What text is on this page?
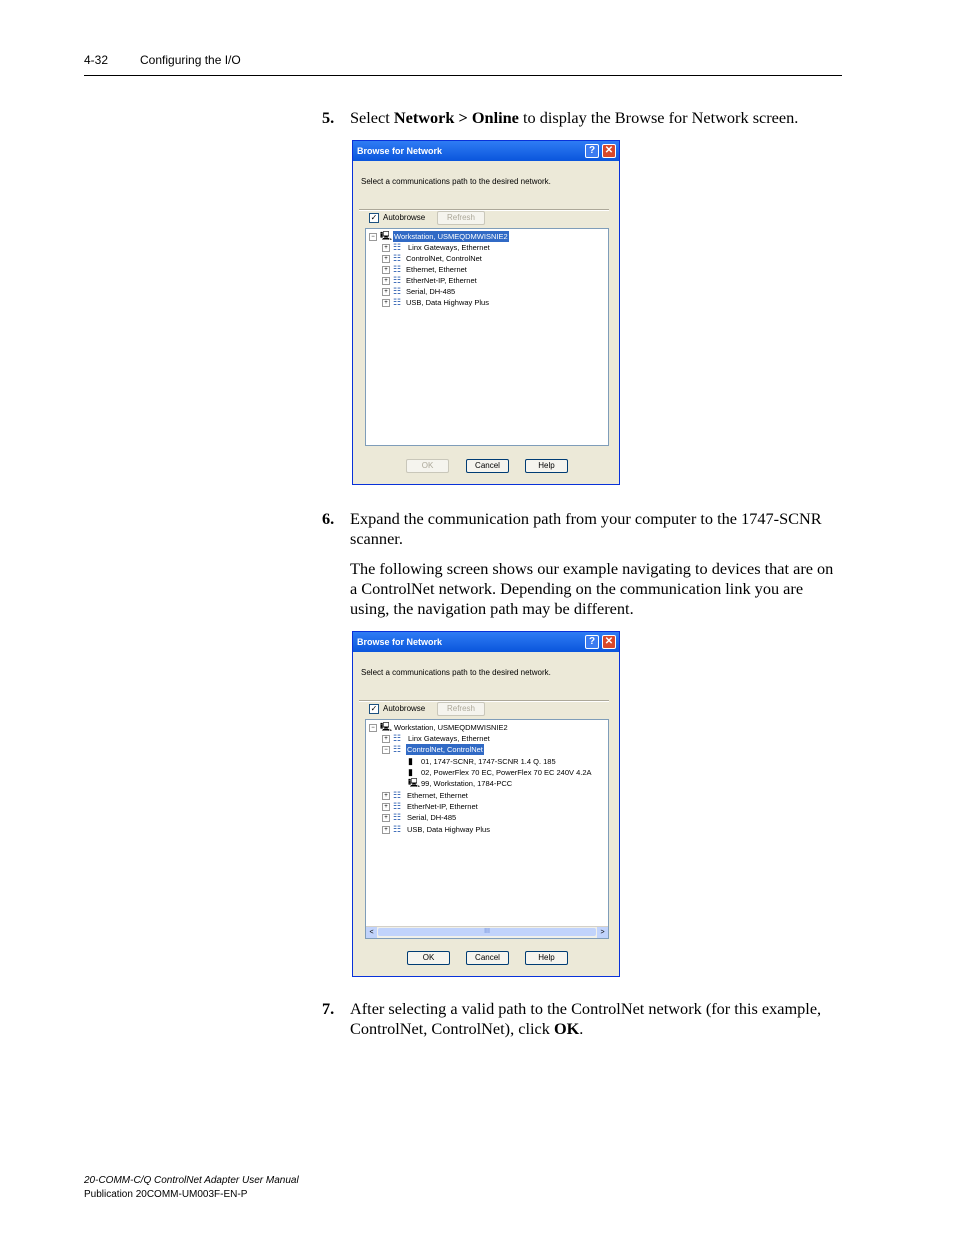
4-32	Configuring the I/O
5. Select Network > Online to display the Browse for Network screen.
Browse for Network	? ✕
Select a communications path to the desired network.
✓ Autobrowse	Refresh
− 🖳 Workstation, USMEQDMWISNIE2
+ ☷ Linx Gateways, Ethernet
+ ☷ ControlNet, ControlNet
+ ☷ Ethernet, Ethernet
+ ☷ EtherNet-IP, Ethernet
+ ☷ Serial, DH-485
+ ☷ USB, Data Highway Plus
OK	Cancel	Help
6. Expand the communication path from your computer to the 1747-SCNR scanner.
The following screen shows our example navigating to devices that are on a ControlNet network. Depending on the communication link you are using, the navigation path may be different.
Browse for Network	? ✕
Select a communications path to the desired network.
✓ Autobrowse	Refresh
− 🖳 Workstation, USMEQDMWISNIE2
+ ☷ Linx Gateways, Ethernet
− ☷ ControlNet, ControlNet
▮ 01, 1747-SCNR, 1747-SCNR 1.4 Q. 185
▮ 02, PowerFlex 70 EC, PowerFlex 70 EC 240V 4.2A
🖳 99, Workstation, 1784-PCC
+ ☷ Ethernet, Ethernet
+ ☷ EtherNet-IP, Ethernet
+ ☷ Serial, DH-485
+ ☷ USB, Data Highway Plus
<	III	>
OK	Cancel	Help
7. After selecting a valid path to the ControlNet network (for this example, ControlNet, ControlNet), click OK.
20-COMM-C/Q ControlNet Adapter User Manual
Publication 20COMM-UM003F-EN-P
